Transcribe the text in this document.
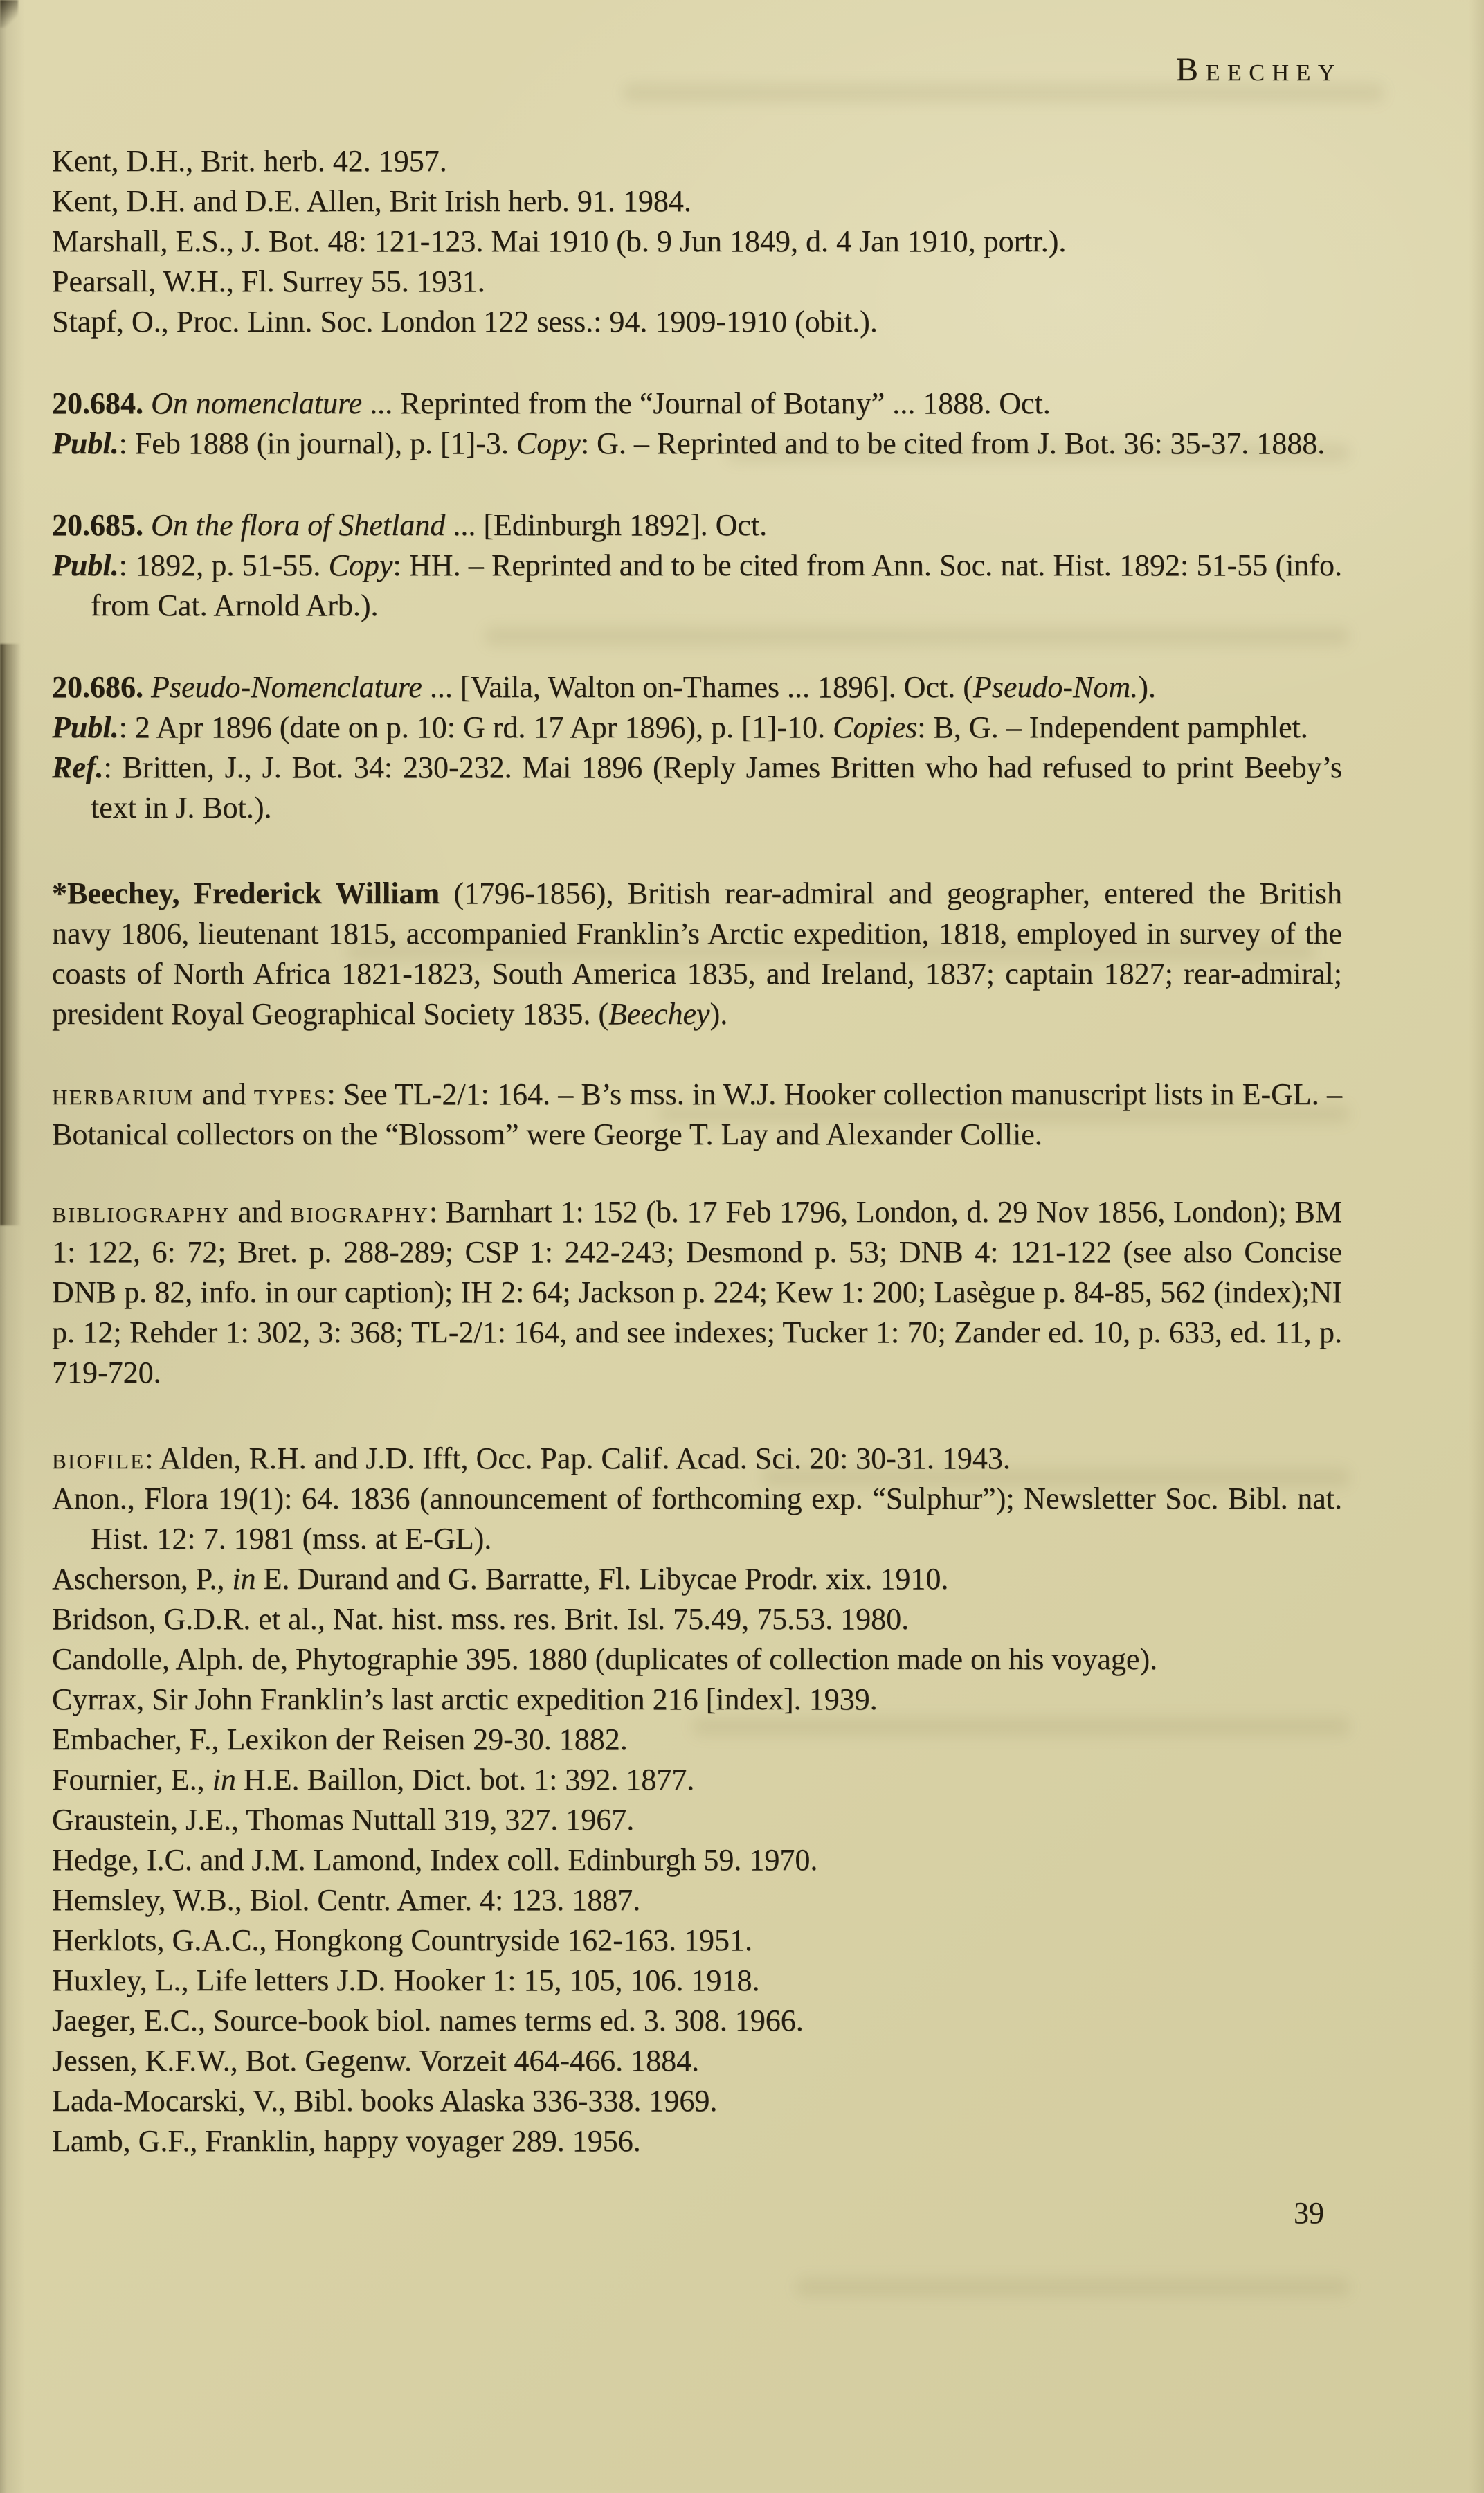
Beechey

Kent, D.H., Brit. herb. 42. 1957.

Kent, D.H. and D.E. Allen, Brit Irish herb. 91. 1984.

Marshall, E.S., J. Bot. 48: 121-123. Mai 1910 (b. 9 Jun 1849, d. 4 Jan 1910, portr.).

Pearsall, W.H., Fl. Surrey 55. 1931.

Stapf, O., Proc. Linn. Soc. London 122 sess.: 94. 1909-1910 (obit.).

20.684. On nomenclature ... Reprinted from the “Journal of Botany” ... 1888. Oct.

Publ.: Feb 1888 (in journal), p. [1]-3. Copy: G. – Reprinted and to be cited from J. Bot. 36: 35-37. 1888.

20.685. On the flora of Shetland ... [Edinburgh 1892]. Oct.

Publ.: 1892, p. 51-55. Copy: HH. – Reprinted and to be cited from Ann. Soc. nat. Hist. 1892: 51-55 (info. from Cat. Arnold Arb.).

20.686. Pseudo-Nomenclature ... [Vaila, Walton on-Thames ... 1896]. Oct. (Pseudo-Nom.).

Publ.: 2 Apr 1896 (date on p. 10: G rd. 17 Apr 1896), p. [1]-10. Copies: B, G. – Independent pamphlet.

Ref.: Britten, J., J. Bot. 34: 230-232. Mai 1896 (Reply James Britten who had refused to print Beeby’s text in J. Bot.).

*Beechey, Frederick William (1796-1856), British rear-admiral and geographer, entered the British navy 1806, lieutenant 1815, accompanied Franklin’s Arctic expedition, 1818, employed in survey of the coasts of North Africa 1821-1823, South America 1835, and Ireland, 1837; captain 1827; rear-admiral; president Royal Geographical Society 1835. (Beechey).

herbarium and types: See TL-2/1: 164. – B’s mss. in W.J. Hooker collection manuscript lists in E-GL. – Botanical collectors on the “Blossom” were George T. Lay and Alexander Collie.

bibliography and biography: Barnhart 1: 152 (b. 17 Feb 1796, London, d. 29 Nov 1856, London); BM 1: 122, 6: 72; Bret. p. 288-289; CSP 1: 242-243; Desmond p. 53; DNB 4: 121-122 (see also Concise DNB p. 82, info. in our caption); IH 2: 64; Jackson p. 224; Kew 1: 200; Lasègue p. 84-85, 562 (index);NI p. 12; Rehder 1: 302, 3: 368; TL-2/1: 164, and see indexes; Tucker 1: 70; Zander ed. 10, p. 633, ed. 11, p. 719-720.

biofile: Alden, R.H. and J.D. Ifft, Occ. Pap. Calif. Acad. Sci. 20: 30-31. 1943.

Anon., Flora 19(1): 64. 1836 (announcement of forthcoming exp. “Sulphur”); Newsletter Soc. Bibl. nat. Hist. 12: 7. 1981 (mss. at E-GL).

Ascherson, P., in E. Durand and G. Barratte, Fl. Libycae Prodr. xix. 1910.

Bridson, G.D.R. et al., Nat. hist. mss. res. Brit. Isl. 75.49, 75.53. 1980.

Candolle, Alph. de, Phytographie 395. 1880 (duplicates of collection made on his voyage).

Cyrrax, Sir John Franklin’s last arctic expedition 216 [index]. 1939.

Embacher, F., Lexikon der Reisen 29-30. 1882.

Fournier, E., in H.E. Baillon, Dict. bot. 1: 392. 1877.

Graustein, J.E., Thomas Nuttall 319, 327. 1967.

Hedge, I.C. and J.M. Lamond, Index coll. Edinburgh 59. 1970.

Hemsley, W.B., Biol. Centr. Amer. 4: 123. 1887.

Herklots, G.A.C., Hongkong Countryside 162-163. 1951.

Huxley, L., Life letters J.D. Hooker 1: 15, 105, 106. 1918.

Jaeger, E.C., Source-book biol. names terms ed. 3. 308. 1966.

Jessen, K.F.W., Bot. Gegenw. Vorzeit 464-466. 1884.

Lada-Mocarski, V., Bibl. books Alaska 336-338. 1969.

Lamb, G.F., Franklin, happy voyager 289. 1956.

39
